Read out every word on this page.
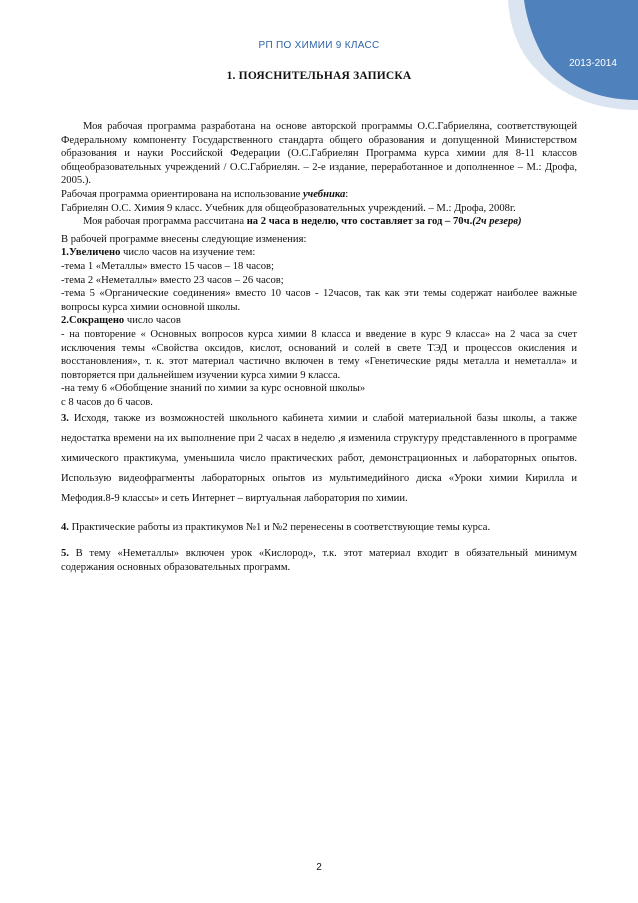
РП ПО ХИМИИ 9 КЛАСС
2013-2014
1. ПОЯСНИТЕЛЬНАЯ ЗАПИСКА

Моя рабочая программа разработана на основе авторской программы О.С.Габриеляна, соответствующей Федеральному компоненту Государственного стандарта общего образования и допущенной Министерством образования и науки Российской Федерации (О.С.Габриелян Программа курса химии для 8-11 классов общеобразовательных учреждений / О.С.Габриелян. – 2-е издание, переработанное и дополненное – М.: Дрофа, 2005.).

Рабочая программа ориентирована на использование учебника:

Габриелян О.С. Химия 9 класс. Учебник для общеобразовательных учреждений. – М.: Дрофа, 2008г.

Моя рабочая программа рассчитана на 2 часа в неделю, что составляет за год – 70ч.(2ч резерв)

В рабочей программе внесены следующие изменения:

1.Увеличено число часов на изучение тем:

-тема 1 «Металлы» вместо 15 часов – 18 часов;

-тема 2 «Неметаллы» вместо 23 часов – 26 часов;

-тема 5 «Органические соединения» вместо 10 часов - 12часов, так как эти темы содержат наиболее важные вопросы курса химии основной школы.

2.Сокращено число часов

- на повторение « Основных вопросов курса химии 8 класса и введение в курс 9 класса» на 2 часа за счет исключения темы «Свойства оксидов, кислот, оснований и солей в свете ТЭД и процессов окисления и восстановления», т. к. этот материал частично включен в тему «Генетические ряды металла и неметалла» и повторяется при дальнейшем изучении курса химии 9 класса.

-на тему 6 «Обобщение знаний по химии за курс основной школы»

с 8 часов до 6 часов.

3. Исходя, также из возможностей школьного кабинета химии и слабой материальной базы школы, а также недостатка времени на их выполнение при 2 часах в неделю ,я изменила структуру представленного в программе химического практикума, уменьшила число практических работ, демонстрационных и лабораторных опытов. Использую видеофрагменты лабораторных опытов из мультимедийного диска «Уроки химии Кирилла и Мефодия.8-9 классы» и сеть Интернет – виртуальная лаборатория по химии.

4. Практические работы из практикумов №1 и №2 перенесены в соответствующие темы курса.

5. В тему «Неметаллы» включен урок «Кислород», т.к. этот материал входит в обязательный минимум содержания основных образовательных программ.

2
